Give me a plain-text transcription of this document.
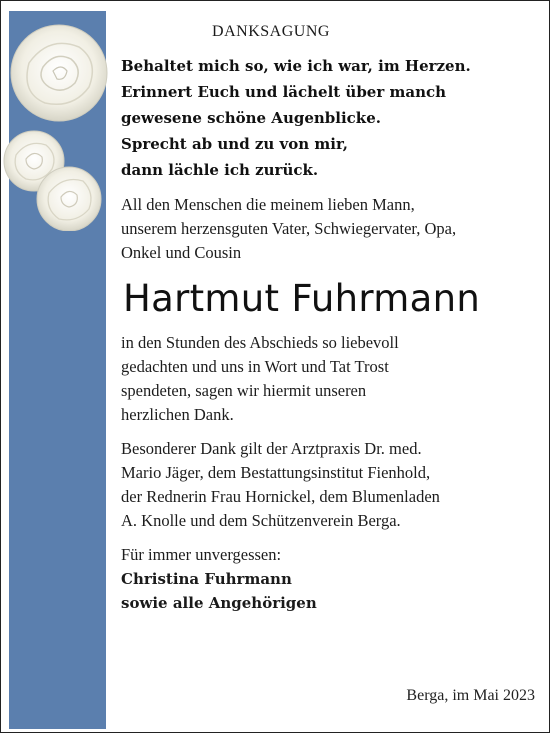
DANKSAGUNG
Behaltet mich so, wie ich war, im Herzen.
Erinnert Euch und lächelt über manch
gewesene schöne Augenblicke.
Sprecht ab und zu von mir,
dann lächle ich zurück.
All den Menschen die meinem lieben Mann,
unserem herzensguten Vater, Schwiegervater, Opa,
Onkel und Cousin
Hartmut Fuhrmann
in den Stunden des Abschieds so liebevoll
gedachten und uns in Wort und Tat Trost
spendeten, sagen wir hiermit unseren
herzlichen Dank.
Besonderer Dank gilt der Arztpraxis Dr. med.
Mario Jäger, dem Bestattungsinstitut Fienhold,
der Rednerin Frau Hornickel, dem Blumenladen
A. Knolle und dem Schützenverein Berga.
Für immer unvergessen:
Christina Fuhrmann
sowie alle Angehörigen
Berga, im Mai 2023
